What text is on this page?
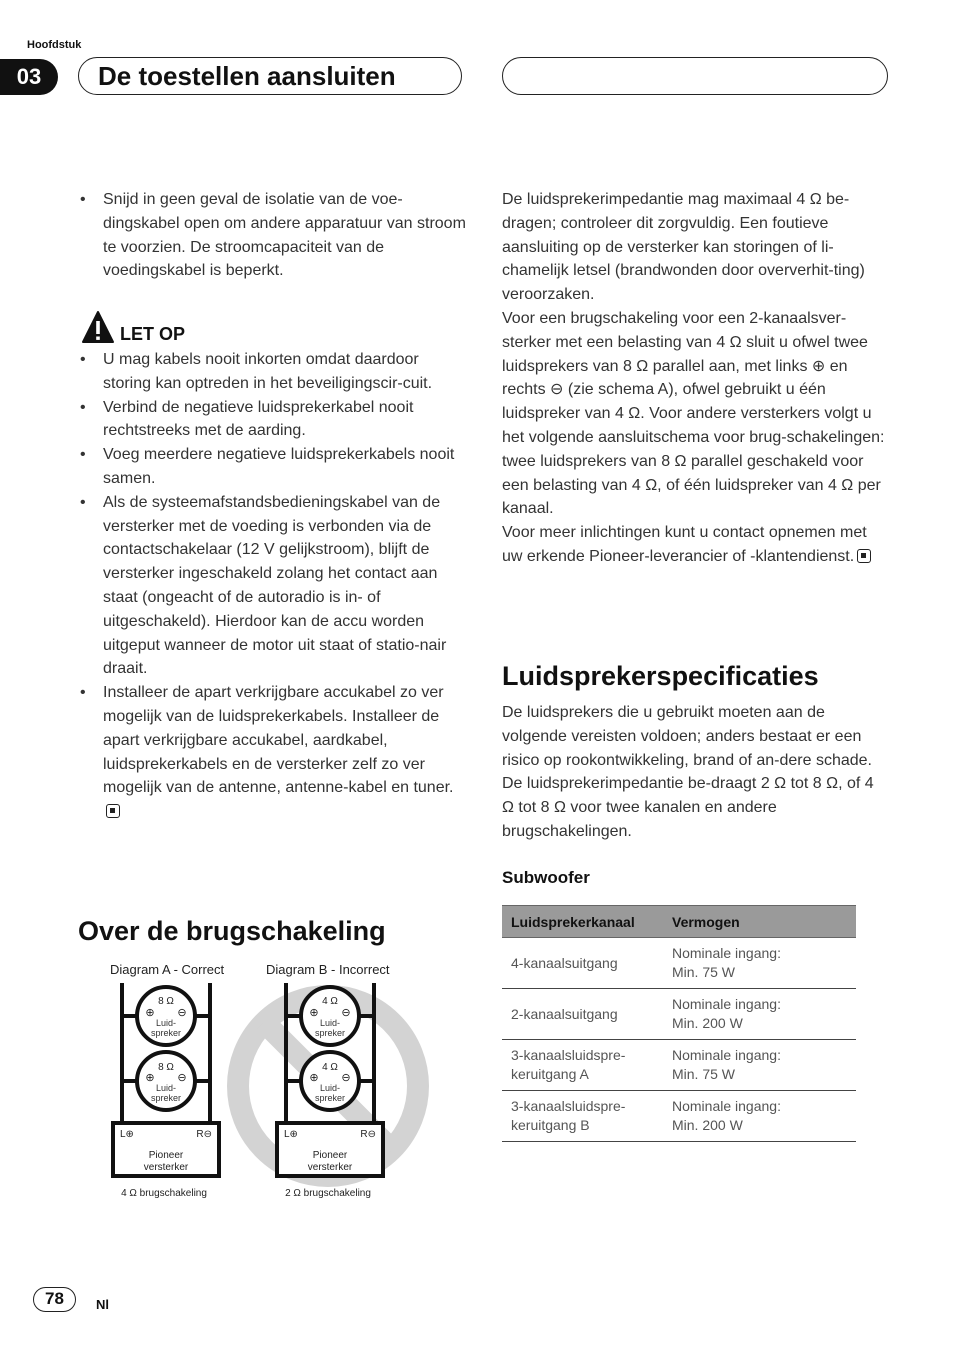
Hoofdstuk
03	De toestellen aansluiten
• Snijd in geen geval de isolatie van de voe-dingskabel open om andere apparatuur van stroom te voorzien. De stroomcapaciteit van de voedingskabel is beperkt.
LET OP
• U mag kabels nooit inkorten omdat daardoor storing kan optreden in het beveiligingscir-cuit.
• Verbind de negatieve luidsprekerkabel nooit rechtstreeks met de aarding.
• Voeg meerdere negatieve luidsprekerkabels nooit samen.
• Als de systeemafstandsbedieningskabel van de versterker met de voeding is verbonden via de contactschakelaar (12 V gelijkstroom), blijft de versterker ingeschakeld zolang het contact aan staat (ongeacht of de autoradio is in- of uitgeschakeld). Hierdoor kan de accu worden uitgeput wanneer de motor uit staat of statio-nair draait.
• Installeer de apart verkrijgbare accukabel zo ver mogelijk van de luidsprekerkabels. Installeer de apart verkrijgbare accukabel, aardkabel, luidsprekerkabels en de versterker zelf zo ver mogelijk van de antenne, antenne-kabel en tuner.
Over de brugschakeling
Diagram A - Correct
8 Ω
⊕ ⊖
Luid-
spreker
8 Ω
⊕ ⊖
Luid-
spreker
L⊕	R⊖
Pioneer
versterker
4 Ω brugschakeling
Diagram B - Incorrect
4 Ω
⊕ ⊖
Luid-
spreker
4 Ω
⊕ ⊖
Luid-
spreker
L⊕	R⊖
Pioneer
versterker
2 Ω brugschakeling
De luidsprekerimpedantie mag maximaal 4 Ω be-dragen; controleer dit zorgvuldig. Een foutieve aansluiting op de versterker kan storingen of li-chamelijk letsel (brandwonden door oververhit-ting) veroorzaken.
Voor een brugschakeling voor een 2-kanaalsver-sterker met een belasting van 4 Ω sluit u ofwel twee luidsprekers van 8 Ω parallel aan, met links ⊕ en rechts ⊖ (zie schema A), ofwel gebruikt u één luidspreker van 4 Ω. Voor andere versterkers volgt u het volgende aansluitschema voor brug-schakelingen: twee luidsprekers van 8 Ω parallel geschakeld voor een belasting van 4 Ω, of één luidspreker van 4 Ω per kanaal.
Voor meer inlichtingen kunt u contact opnemen met uw erkende Pioneer-leverancier of -klantendienst.
Luidsprekerspecificaties
De luidsprekers die u gebruikt moeten aan de volgende vereisten voldoen; anders bestaat er een risico op rookontwikkeling, brand of an-dere schade. De luidsprekerimpedantie be-draagt 2 Ω tot 8 Ω, of 4 Ω tot 8 Ω voor twee kanalen en andere brugschakelingen.
Subwoofer
Luidsprekerkanaal	Vermogen
4-kanaalsuitgang	Nominale ingang:
Min. 75 W

2-kanaalsuitgang	Nominale ingang:
Min. 200 W

3-kanaalsluidspre-keruitgang A	Nominale ingang:
Min. 75 W

3-kanaalsluidspre-keruitgang B	Nominale ingang:
Min. 200 W
78	Nl
